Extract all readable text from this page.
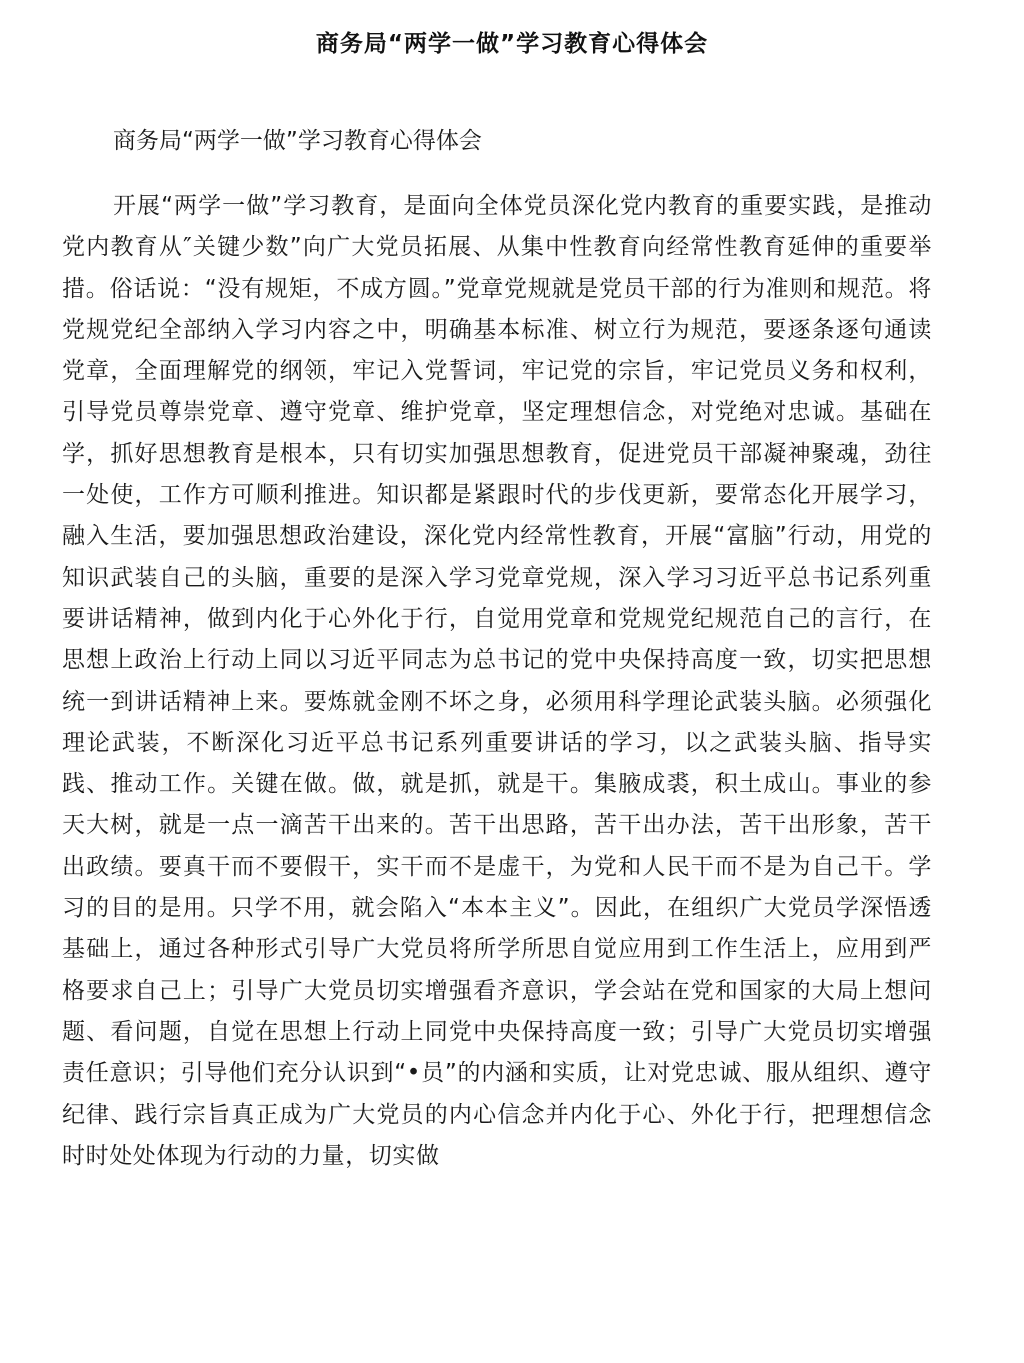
商务局“两学一做”学习教育心得体会
商务局“两学一做”学习教育心得体会

开展“两学一做”学习教育，是面向全体党员深化党内教育的重要实践，是推动党内教育从″关键少数”向广大党员拓展、从集中性教育向经常性教育延伸的重要举措。俗话说：“没有规矩，不成方圆。”党章党规就是党员干部的行为准则和规范。将党规党纪全部纳入学习内容之中，明确基本标准、树立行为规范，要逐条逐句通读党章，全面理解党的纲领，牢记入党誓词，牢记党的宗旨，牢记党员义务和权利，引导党员尊崇党章、遵守党章、维护党章，坚定理想信念，对党绝对忠诚。基础在学，抓好思想教育是根本，只有切实加强思想教育，促进党员干部凝神聚魂，劲往一处使，工作方可顺利推进。知识都是紧跟时代的步伐更新，要常态化开展学习，融入生活，要加强思想政治建设，深化党内经常性教育，开展“富脑”行动，用党的知识武装自己的头脑，重要的是深入学习党章党规，深入学习习近平总书记系列重要讲话精神，做到内化于心外化于行，自觉用党章和党规党纪规范自己的言行，在思想上政治上行动上同以习近平同志为总书记的党中央保持高度一致，切实把思想统一到讲话精神上来。要炼就金刚不坏之身，必须用科学理论武装头脑。必须强化理论武装，不断深化习近平总书记系列重要讲话的学习，以之武装头脑、指导实践、推动工作。关键在做。做，就是抓，就是干。集腋成裘，积土成山。事业的参天大树，就是一点一滴苦干出来的。苦干出思路，苦干出办法，苦干出形象，苦干出政绩。要真干而不要假干，实干而不是虚干，为党和人民干而不是为自己干。学习的目的是用。只学不用，就会陷入“本本主义”。因此，在组织广大党员学深悟透基础上，通过各种形式引导广大党员将所学所思自觉应用到工作生活上，应用到严格要求自己上；引导广大党员切实增强看齐意识，学会站在党和国家的大局上想问题、看问题，自觉在思想上行动上同党中央保持高度一致；引导广大党员切实增强责任意识；引导他们充分认识到“•员”的内涵和实质，让对党忠诚、服从组织、遵守纪律、践行宗旨真正成为广大党员的内心信念并内化于心、外化于行，把理想信念时时处处体现为行动的力量，切实做
